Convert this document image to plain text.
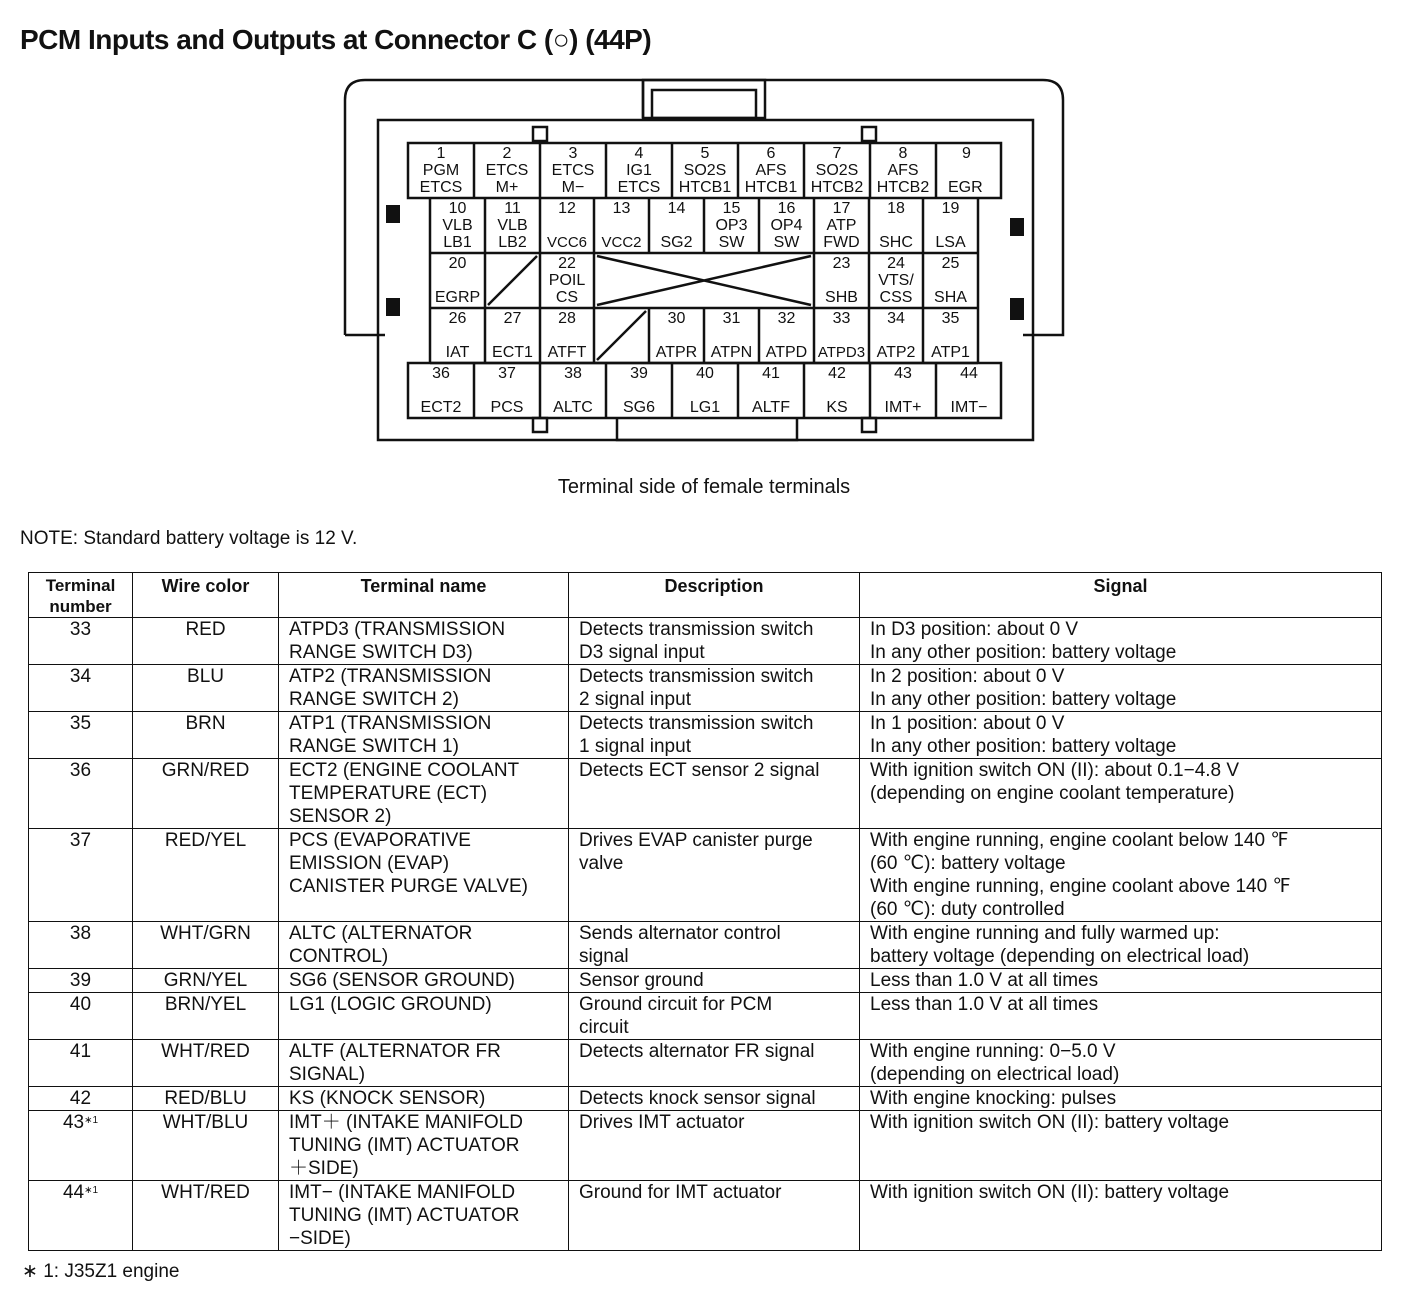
PCM Inputs and Outputs at Connector C (○) (44P)
1
PGM
ETCS
2
ETCS
M+
3
ETCS
M−
4
IG1
ETCS
5
SO2S
HTCB1
6
AFS
HTCB1
7
SO2S
HTCB2
8
AFS
HTCB2
9
EGR
10
VLB
LB1
11
VLB
LB2
12
VCC6
13
VCC2
14
SG2
15
OP3
SW
16
OP4
SW
17
ATP
FWD
18
SHC
19
LSA
20
EGRP
22
POIL
CS
23
SHB
24
VTS/
CSS
25
SHA
26
IAT
27
ECT1
28
ATFT
30
ATPR
31
ATPN
32
ATPD
33
ATPD3
34
ATP2
35
ATP1
36
ECT2
37
PCS
38
ALTC
39
SG6
40
LG1
41
ALTF
42
KS
43
IMT+
44
IMT−
Terminal side of female terminals
NOTE: Standard battery voltage is 12 V.
Terminal
number	Wire color	Terminal name	Description	Signal
33	RED	ATPD3 (TRANSMISSION
RANGE SWITCH D3)	Detects transmission switch
D3 signal input	In D3 position: about 0 V
In any other position: battery voltage
34	BLU	ATP2 (TRANSMISSION
RANGE SWITCH 2)	Detects transmission switch
2 signal input	In 2 position: about 0 V
In any other position: battery voltage
35	BRN	ATP1 (TRANSMISSION
RANGE SWITCH 1)	Detects transmission switch
1 signal input	In 1 position: about 0 V
In any other position: battery voltage
36	GRN/RED	ECT2 (ENGINE COOLANT
TEMPERATURE (ECT)
SENSOR 2)	Detects ECT sensor 2 signal	With ignition switch ON (II): about 0.1−4.8 V
(depending on engine coolant temperature)
37	RED/YEL	PCS (EVAPORATIVE
EMISSION (EVAP)
CANISTER PURGE VALVE)	Drives EVAP canister purge
valve	With engine running, engine coolant below 140 ℉
(60 ℃): battery voltage
With engine running, engine coolant above 140 ℉
(60 ℃): duty controlled
38	WHT/GRN	ALTC (ALTERNATOR
CONTROL)	Sends alternator control
signal	With engine running and fully warmed up:
battery voltage (depending on electrical load)
39	GRN/YEL	SG6 (SENSOR GROUND)	Sensor ground	Less than 1.0 V at all times
40	BRN/YEL	LG1 (LOGIC GROUND)	Ground circuit for PCM
circuit	Less than 1.0 V at all times
41	WHT/RED	ALTF (ALTERNATOR FR
SIGNAL)	Detects alternator FR signal	With engine running: 0−5.0 V
(depending on electrical load)
42	RED/BLU	KS (KNOCK SENSOR)	Detects knock sensor signal	With engine knocking: pulses
$43^{∗1}$	WHT/BLU	IMT＋ (INTAKE MANIFOLD
TUNING (IMT) ACTUATOR
＋SIDE)	Drives IMT actuator	With ignition switch ON (II): battery voltage
$44^{∗1}$	WHT/RED	IMT− (INTAKE MANIFOLD
TUNING (IMT) ACTUATOR
−SIDE)	Ground for IMT actuator	With ignition switch ON (II): battery voltage
∗ 1: J35Z1 engine
